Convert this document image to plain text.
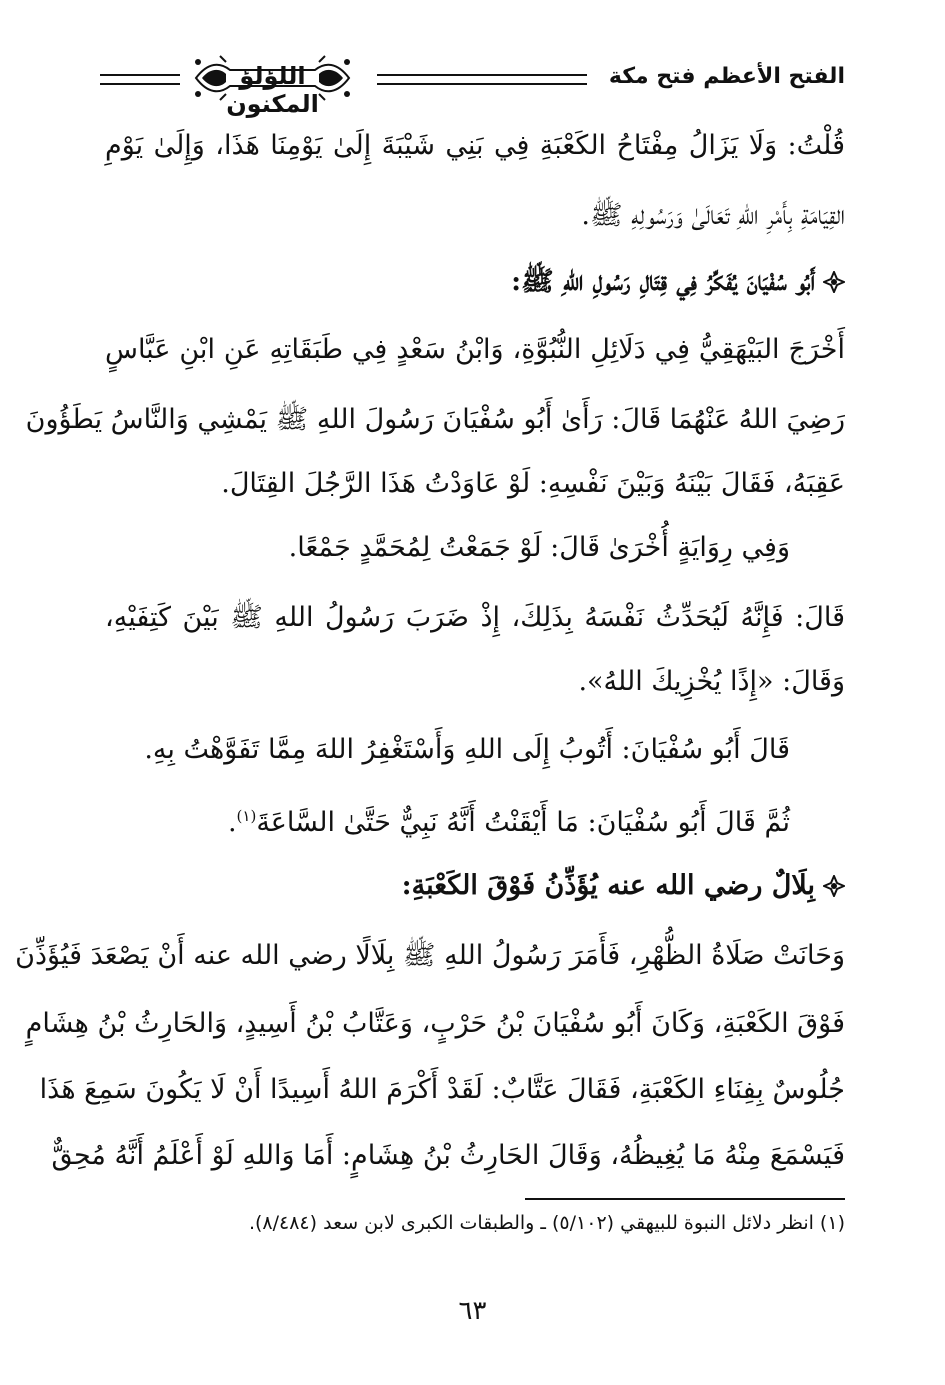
الفتح الأعظم فتح مكة
اللؤلؤ المكنون
قُلْتُ: وَلَا يَزَالُ مِفْتَاحُ الكَعْبَةِ فِي بَنِي شَيْبَةَ إِلَىٰ يَوْمِنَا هَذَا، وَإِلَىٰ يَوْمِ
القِيَامَةِ بِأَمْرِ اللهِ تَعَالَىٰ وَرَسُولِهِ ﷺ.
أَبُو سُفْيَانَ يُفَكِّرُ فِي قِتَالِ رَسُولِ اللهِ ﷺ:
أَخْرَجَ البَيْهَقِيُّ فِي دَلَائِلِ النُّبُوَّةِ، وَابْنُ سَعْدٍ فِي طَبَقَاتِهِ عَنِ ابْنِ عَبَّاسٍ
رَضِيَ اللهُ عَنْهُمَا قَالَ: رَأَىٰ أَبُو سُفْيَانَ رَسُولَ اللهِ ﷺ يَمْشِي وَالنَّاسُ يَطَؤُونَ
عَقِبَهُ، فَقَالَ بَيْنَهُ وَبَيْنَ نَفْسِهِ: لَوْ عَاوَدْتُ هَذَا الرَّجُلَ القِتَالَ.
وَفِي رِوَايَةٍ أُخْرَىٰ قَالَ: لَوْ جَمَعْتُ لِمُحَمَّدٍ جَمْعًا.
قَالَ: فَإِنَّهُ لَيُحَدِّثُ نَفْسَهُ بِذَلِكَ، إِذْ ضَرَبَ رَسُولُ اللهِ ﷺ بَيْنَ كَتِفَيْهِ،
وَقَالَ: «إِذًا يُخْزِيكَ اللهُ».
قَالَ أَبُو سُفْيَانَ: أَتُوبُ إِلَى اللهِ وَأَسْتَغْفِرُ اللهَ مِمَّا تَفَوَّهْتُ بِهِ.
ثُمَّ قَالَ أَبُو سُفْيَانَ: مَا أَيْقَنْتُ أَنَّهُ نَبِيٌّ حَتَّىٰ السَّاعَةَ$^{(١)}$.
بِلَالٌ رضي الله عنه يُؤَذِّنُ فَوْقَ الكَعْبَةِ:
وَحَانَتْ صَلَاةُ الظُّهْرِ، فَأَمَرَ رَسُولُ اللهِ ﷺ بِلَالًا رضي الله عنه أَنْ يَصْعَدَ فَيُؤَذِّنَ
فَوْقَ الكَعْبَةِ، وَكَانَ أَبُو سُفْيَانَ بْنُ حَرْبٍ، وَعَتَّابُ بْنُ أَسِيدٍ، وَالحَارِثُ بْنُ هِشَامٍ
جُلُوسٌ بِفِنَاءِ الكَعْبَةِ، فَقَالَ عَتَّابٌ: لَقَدْ أَكْرَمَ اللهُ أَسِيدًا أَنْ لَا يَكُونَ سَمِعَ هَذَا
فَيَسْمَعَ مِنْهُ مَا يُغِيظُهُ، وَقَالَ الحَارِثُ بْنُ هِشَامٍ: أَمَا وَاللهِ لَوْ أَعْلَمُ أَنَّهُ مُحِقٌّ
(١) انظر دلائل النبوة للبيهقي (٥/١٠٢) ـ والطبقات الكبرى لابن سعد (٨/٤٨٤).
٦٣
